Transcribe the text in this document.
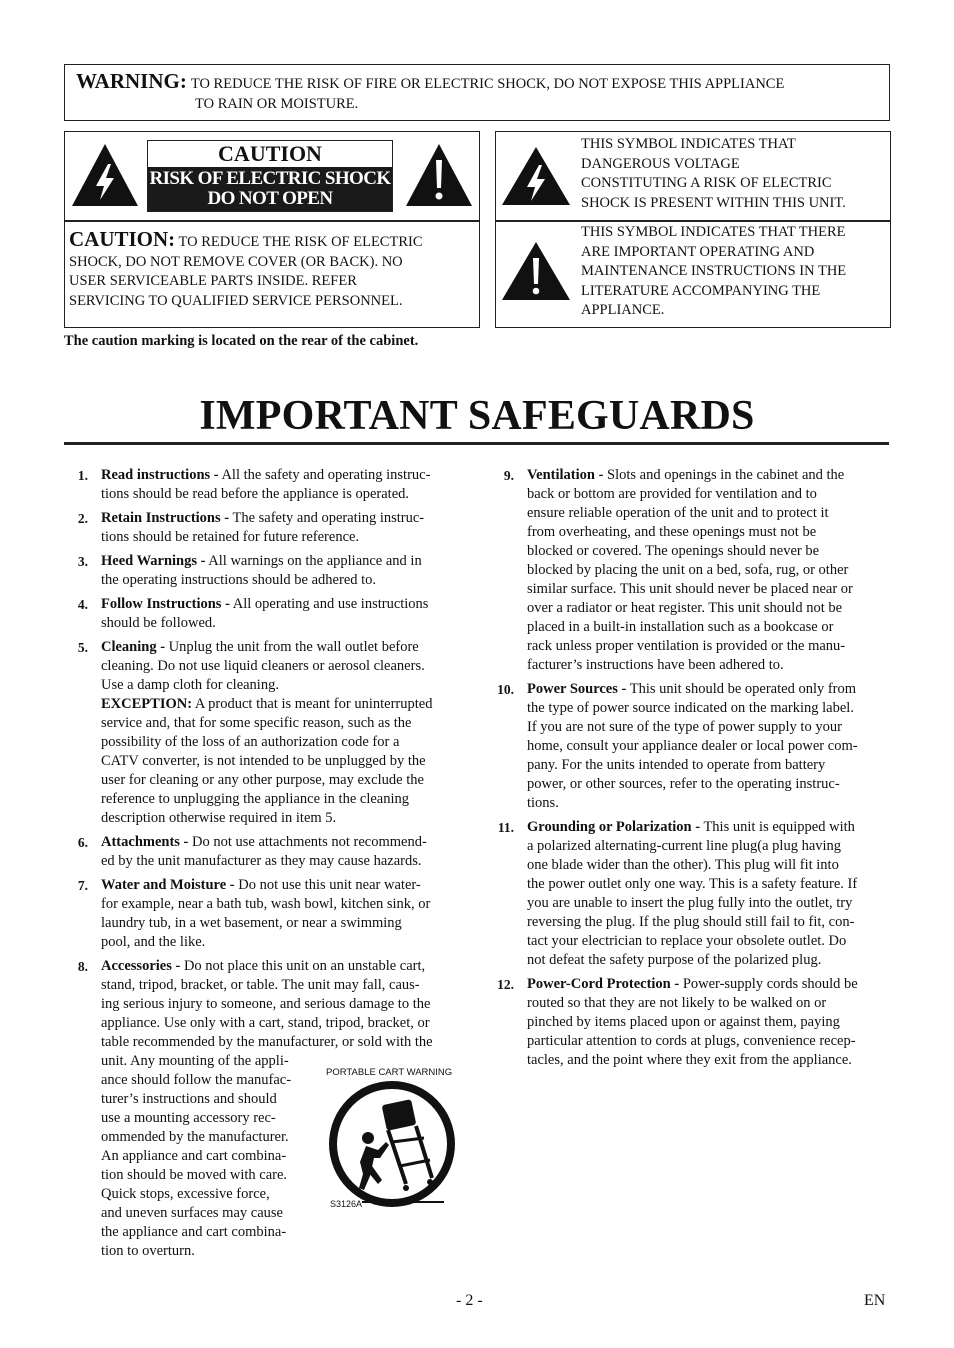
WARNING: TO REDUCE THE RISK OF FIRE OR ELECTRIC SHOCK, DO NOT EXPOSE THIS APPLIANCE
TO RAIN OR MOISTURE.
CAUTION
RISK OF ELECTRIC SHOCK
DO NOT OPEN
CAUTION: TO REDUCE THE RISK OF ELECTRIC
SHOCK, DO NOT REMOVE COVER (OR BACK). NO
USER SERVICEABLE PARTS INSIDE. REFER
SERVICING TO QUALIFIED SERVICE PERSONNEL.
The caution marking is located on the rear of the cabinet.
THIS SYMBOL INDICATES THAT
DANGEROUS VOLTAGE
CONSTITUTING A RISK OF ELECTRIC
SHOCK IS PRESENT WITHIN THIS UNIT.
THIS SYMBOL INDICATES THAT THERE
ARE IMPORTANT OPERATING AND
MAINTENANCE INSTRUCTIONS IN THE
LITERATURE ACCOMPANYING THE
APPLIANCE.
IMPORTANT SAFEGUARDS
1. Read instructions - All the safety and operating instruc-
tions should be read before the appliance is operated.
2. Retain Instructions - The safety and operating instruc-
tions should be retained for future reference.
3. Heed Warnings - All warnings on the appliance and in
the operating instructions should be adhered to.
4. Follow Instructions - All operating and use instructions
should be followed.
5. Cleaning - Unplug the unit from the wall outlet before
cleaning. Do not use liquid cleaners or aerosol cleaners.
Use a damp cloth for cleaning.
EXCEPTION: A product that is meant for uninterrupted
service and, that for some specific reason, such as the
possibility of the loss of an authorization code for a
CATV converter, is not intended to be unplugged by the
user for cleaning or any other purpose, may exclude the
reference to unplugging the appliance in the cleaning
description otherwise required in item 5.
6. Attachments - Do not use attachments not recommend-
ed by the unit manufacturer as they may cause hazards.
7. Water and Moisture - Do not use this unit near water-
for example, near a bath tub, wash bowl, kitchen sink, or
laundry tub, in a wet basement, or near a swimming
pool, and the like.
8. Accessories - Do not place this unit on an unstable cart,
stand, tripod, bracket, or table. The unit may fall, caus-
ing serious injury to someone, and serious damage to the
appliance. Use only with a cart, stand, tripod, bracket, or
table recommended by the manufacturer, or sold with the
unit. Any mounting of the appli-
ance should follow the manufac-
turer’s instructions and should
use a mounting accessory rec-
ommended by the manufacturer.
An appliance and cart combina-
tion should be moved with care.
Quick stops, excessive force,
and uneven surfaces may cause
the appliance and cart combina-
tion to overturn.
PORTABLE CART WARNING
S3126A
9. Ventilation - Slots and openings in the cabinet and the
back or bottom are provided for ventilation and to
ensure reliable operation of the unit and to protect it
from overheating, and these openings must not be
blocked or covered. The openings should never be
blocked by placing the unit on a bed, sofa, rug, or other
similar surface. This unit should never be placed near or
over a radiator or heat register. This unit should not be
placed in a built-in installation such as a bookcase or
rack unless proper ventilation is provided or the manu-
facturer’s instructions have been adhered to.
10. Power Sources - This unit should be operated only from
the type of power source indicated on the marking label.
If you are not sure of the type of power supply to your
home, consult your appliance dealer or local power com-
pany. For the units intended to operate from battery
power, or other sources, refer to the operating instruc-
tions.
11. Grounding or Polarization - This unit is equipped with
a polarized alternating-current line plug(a plug having
one blade wider than the other). This plug will fit into
the power outlet only one way. This is a safety feature. If
you are unable to insert the plug fully into the outlet, try
reversing the plug. If the plug should still fail to fit, con-
tact your electrician to replace your obsolete outlet. Do
not defeat the safety purpose of the polarized plug.
12. Power-Cord Protection - Power-supply cords should be
routed so that they are not likely to be walked on or
pinched by items placed upon or against them, paying
particular attention to cords at plugs, convenience recep-
tacles, and the point where they exit from the appliance.
- 2 -	EN
